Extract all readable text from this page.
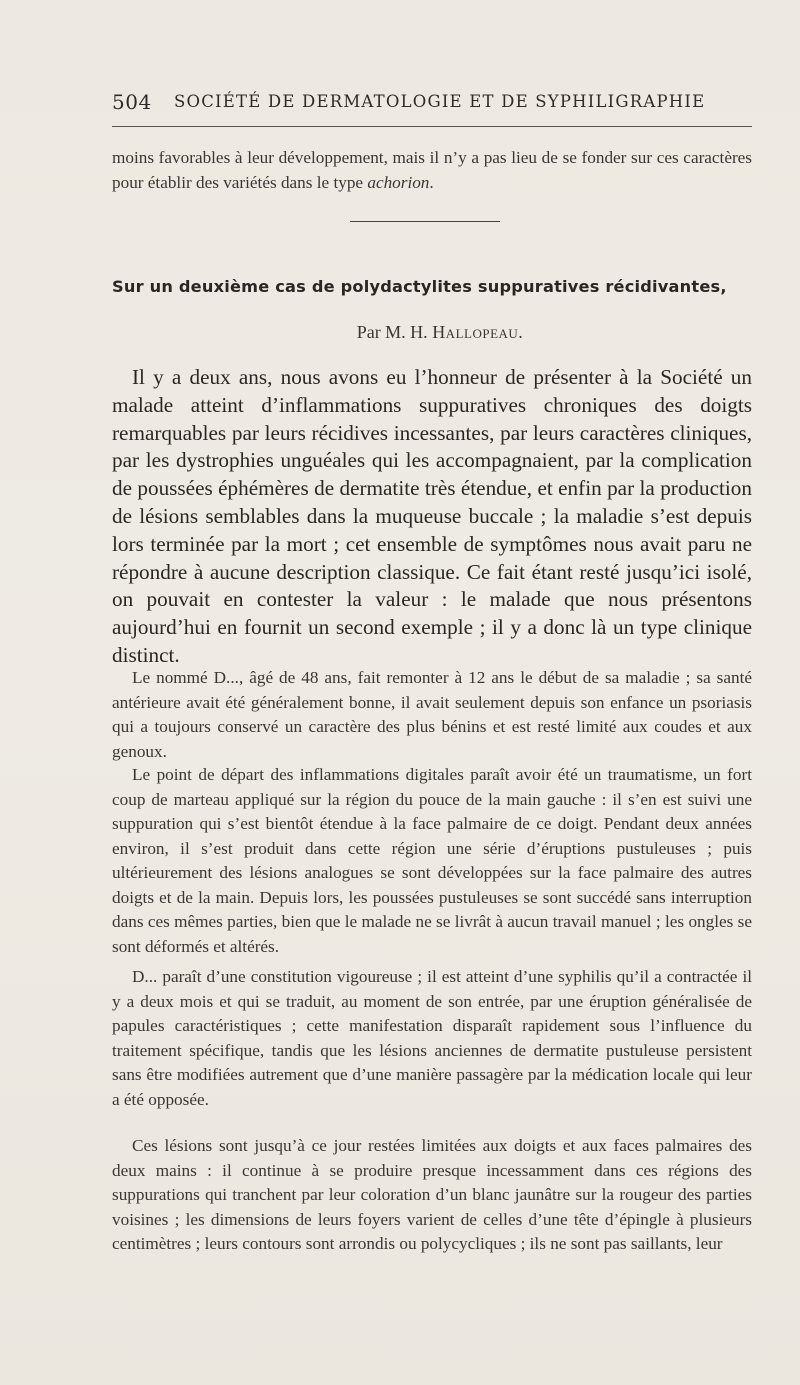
504 SOCIÉTÉ DE DERMATOLOGIE ET DE SYPHILIGRAPHIE

moins favorables à leur développement, mais il n’y a pas lieu de se fonder sur ces caractères pour établir des variétés dans le type achorion.

Sur un deuxième cas de polydactylites suppuratives récidivantes,
Par M. H. Hallopeau.

Il y a deux ans, nous avons eu l’honneur de présenter à la Société un malade atteint d’inflammations suppuratives chroniques des doigts remarquables par leurs récidives incessantes, par leurs caractères cliniques, par les dystrophies unguéales qui les accompagnaient, par la complication de poussées éphémères de dermatite très étendue, et enfin par la production de lésions semblables dans la muqueuse buccale ; la maladie s’est depuis lors terminée par la mort ; cet ensemble de symptômes nous avait paru ne répondre à aucune description classique. Ce fait étant resté jusqu’ici isolé, on pouvait en contester la valeur : le malade que nous présentons aujourd’hui en fournit un second exemple ; il y a donc là un type clinique distinct.

Le nommé D..., âgé de 48 ans, fait remonter à 12 ans le début de sa maladie ; sa santé antérieure avait été généralement bonne, il avait seulement depuis son enfance un psoriasis qui a toujours conservé un caractère des plus bénins et est resté limité aux coudes et aux genoux.

Le point de départ des inflammations digitales paraît avoir été un traumatisme, un fort coup de marteau appliqué sur la région du pouce de la main gauche : il s’en est suivi une suppuration qui s’est bientôt étendue à la face palmaire de ce doigt. Pendant deux années environ, il s’est produit dans cette région une série d’éruptions pustuleuses ; puis ultérieurement des lésions analogues se sont développées sur la face palmaire des autres doigts et de la main. Depuis lors, les poussées pustuleuses se sont succédé sans interruption dans ces mêmes parties, bien que le malade ne se livrât à aucun travail manuel ; les ongles se sont déformés et altérés.

D... paraît d’une constitution vigoureuse ; il est atteint d’une syphilis qu’il a contractée il y a deux mois et qui se traduit, au moment de son entrée, par une éruption généralisée de papules caractéristiques ; cette manifestation disparaît rapidement sous l’influence du traitement spécifique, tandis que les lésions anciennes de dermatite pustuleuse persistent sans être modifiées autrement que d’une manière passagère par la médication locale qui leur a été opposée.

Ces lésions sont jusqu’à ce jour restées limitées aux doigts et aux faces palmaires des deux mains : il continue à se produire presque incessamment dans ces régions des suppurations qui tranchent par leur coloration d’un blanc jaunâtre sur la rougeur des parties voisines ; les dimensions de leurs foyers varient de celles d’une tête d’épingle à plusieurs centimètres ; leurs contours sont arrondis ou polycycliques ; ils ne sont pas saillants, leur
